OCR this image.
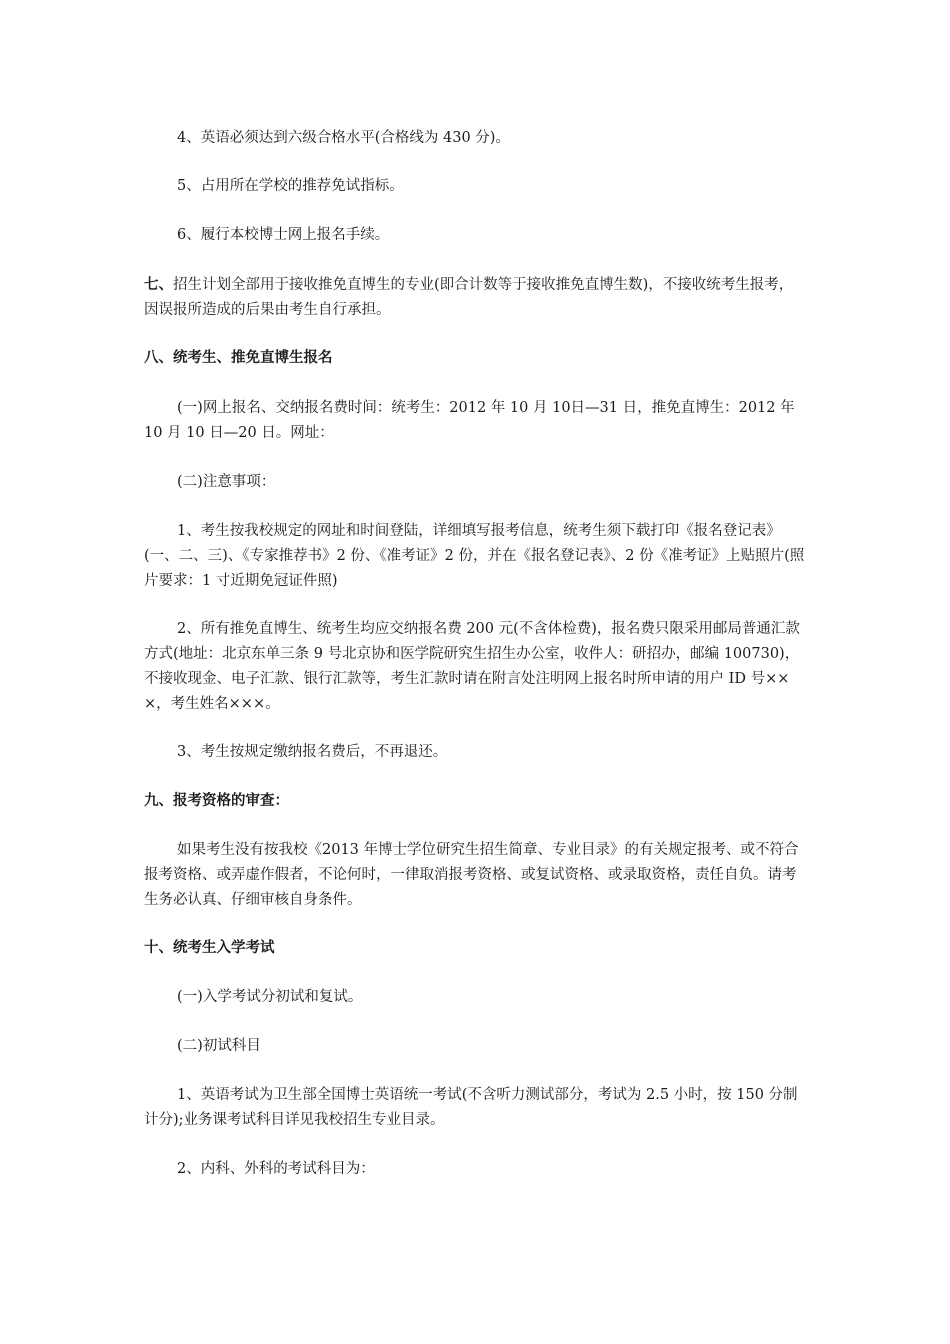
4、英语必须达到六级合格水平(合格线为 430 分)。

5、占用所在学校的推荐免试指标。

6、履行本校博士网上报名手续。

七、招生计划全部用于接收推免直博生的专业(即合计数等于接收推免直博生数)，不接收统考生报考，因误报所造成的后果由考生自行承担。

八、统考生、推免直博生报名

(一)网上报名、交纳报名费时间：统考生：2012 年 10 月 10日—31 日，推免直博生：2012 年 10 月 10 日—20 日。网址：

(二)注意事项：

1、考生按我校规定的网址和时间登陆，详细填写报考信息，统考生须下载打印《报名登记表》(一、二、三)、《专家推荐书》2 份、《准考证》2 份，并在《报名登记表》、2 份《准考证》上贴照片(照片要求：1 寸近期免冠证件照)

2、所有推免直博生、统考生均应交纳报名费 200 元(不含体检费)，报名费只限采用邮局普通汇款方式(地址：北京东单三条 9 号北京协和医学院研究生招生办公室，收件人：研招办，邮编 100730)，不接收现金、电子汇款、银行汇款等，考生汇款时请在附言处注明网上报名时所申请的用户 ID 号×××，考生姓名×××。

3、考生按规定缴纳报名费后，不再退还。

九、报考资格的审查：

如果考生没有按我校《2013 年博士学位研究生招生简章、专业目录》的有关规定报考、或不符合报考资格、或弄虚作假者，不论何时，一律取消报考资格、或复试资格、或录取资格，责任自负。请考生务必认真、仔细审核自身条件。

十、统考生入学考试

(一)入学考试分初试和复试。

(二)初试科目

1、英语考试为卫生部全国博士英语统一考试(不含听力测试部分，考试为 2.5 小时，按 150 分制计分);业务课考试科目详见我校招生专业目录。

2、内科、外科的考试科目为：
